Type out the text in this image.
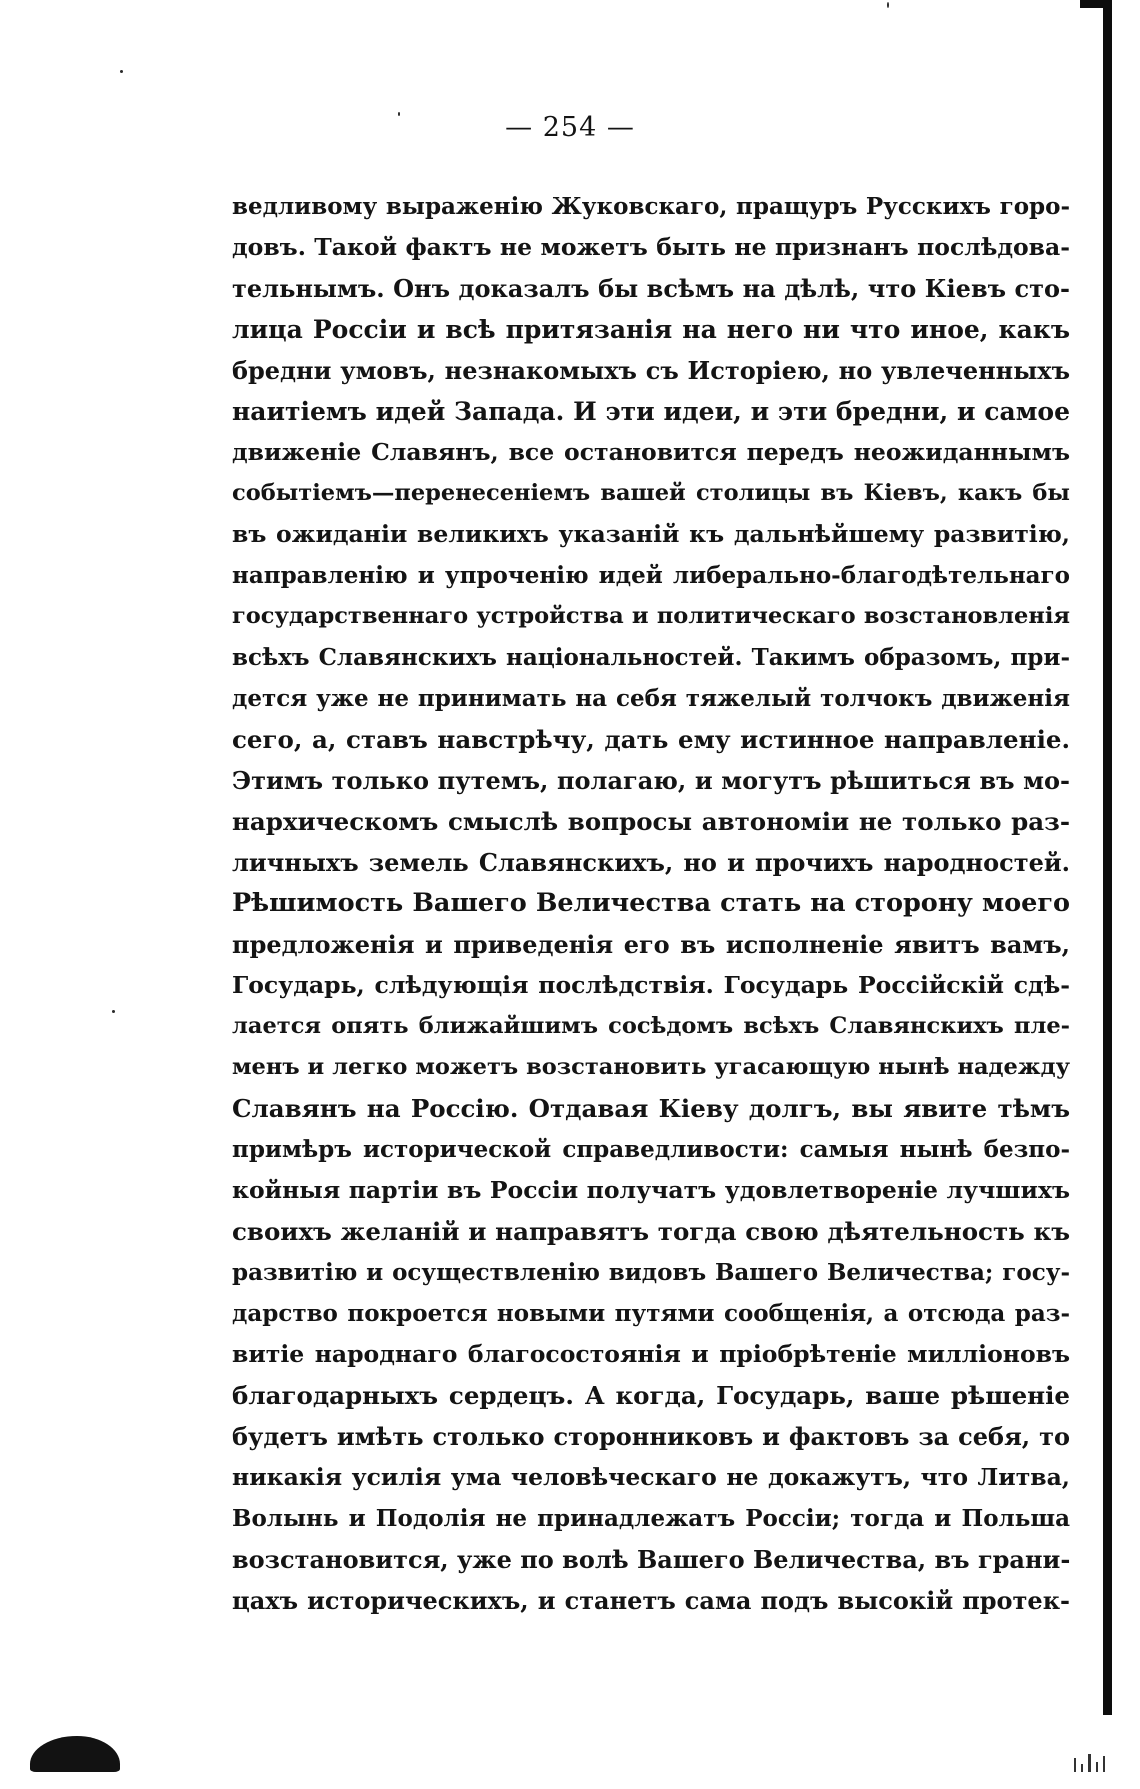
— 254 —
ведливому выраженію Жуковскаго, пращуръ Русскихъ горо-
довъ. Такой фактъ не можетъ быть не признанъ послѣдова-
тельнымъ. Онъ доказалъ бы всѣмъ на дѣлѣ, что Кіевъ сто-
лица Россіи и всѣ притязанія на него ни что иное, какъ
бредни умовъ, незнакомыхъ съ Исторіею, но увлеченныхъ
наитіемъ идей Запада. И эти идеи, и эти бредни, и самое
движеніе Славянъ, все остановится передъ неожиданнымъ
событіемъ—перенесеніемъ вашей столицы въ Кіевъ, какъ бы
въ ожиданіи великихъ указаній къ дальнѣйшему развитію,
направленію и упроченію идей либерально-благодѣтельнаго
государственнаго устройства и политическаго возстановленія
всѣхъ Славянскихъ національностей. Такимъ образомъ, при-
дется уже не принимать на себя тяжелый толчокъ движенія
сего, а, ставъ навстрѣчу, дать ему истинное направленіе.
Этимъ только путемъ, полагаю, и могутъ рѣшиться въ мо-
нархическомъ смыслѣ вопросы автономіи не только раз-
личныхъ земель Славянскихъ, но и прочихъ народностей.
Рѣшимость Вашего Величества стать на сторону моего
предложенія и приведенія его въ исполненіе явитъ вамъ,
Государь, слѣдующія послѣдствія. Государь Россійскій сдѣ-
лается опять ближайшимъ сосѣдомъ всѣхъ Славянскихъ пле-
менъ и легко можетъ возстановить угасающую нынѣ надежду
Славянъ на Россію. Отдавая Кіеву долгъ, вы явите тѣмъ
примѣръ исторической справедливости: самыя нынѣ безпо-
койныя партіи въ Россіи получатъ удовлетвореніе лучшихъ
своихъ желаній и направятъ тогда свою дѣятельность къ
развитію и осуществленію видовъ Вашего Величества; госу-
дарство покроется новыми путями сообщенія, а отсюда раз-
витіе народнаго благосостоянія и пріобрѣтеніе милліоновъ
благодарныхъ сердецъ. А когда, Государь, ваше рѣшеніе
будетъ имѣть столько сторонниковъ и фактовъ за себя, то
никакія усилія ума человѣческаго не докажутъ, что Литва,
Волынь и Подолія не принадлежатъ Россіи; тогда и Польша
возстановится, уже по волѣ Вашего Величества, въ грани-
цахъ историческихъ, и станетъ сама подъ высокій протек-
